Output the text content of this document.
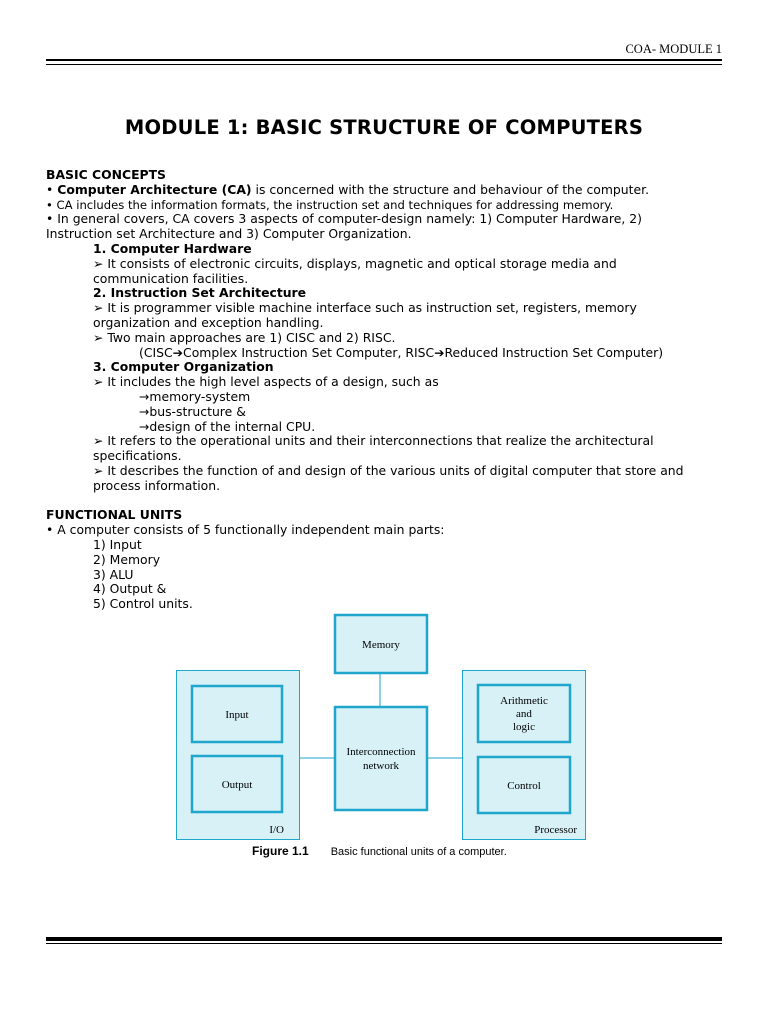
COA- MODULE 1
MODULE 1: BASIC STRUCTURE OF COMPUTERS

BASIC CONCEPTS

• Computer Architecture (CA) is concerned with the structure and behaviour of the computer.

• CA includes the information formats, the instruction set and techniques for addressing memory.

• In general covers, CA covers 3 aspects of computer-design namely: 1) Computer Hardware, 2)

Instruction set Architecture and 3) Computer Organization.

1. Computer Hardware

➢ It consists of electronic circuits, displays, magnetic and optical storage media and

communication facilities.

2. Instruction Set Architecture

➢ It is programmer visible machine interface such as instruction set, registers, memory

organization and exception handling.

➢ Two main approaches are 1) CISC and 2) RISC.

(CISC➔Complex Instruction Set Computer, RISC➔Reduced Instruction Set Computer)

3. Computer Organization

➢ It includes the high level aspects of a design, such as

→memory-system

→bus-structure &

→design of the internal CPU.

➢ It refers to the operational units and their interconnections that realize the architectural

specifications.

➢ It describes the function of and design of the various units of digital computer that store and

process information.

FUNCTIONAL UNITS

• A computer consists of 5 functionally independent main parts:

1) Input

2) Memory

3) ALU

4) Output &

5) Control units.

Memory
Interconnection
network
Input
Output
I/O
Arithmetic
and
logic
Control
Processor
Figure 1.1 Basic functional units of a computer.
